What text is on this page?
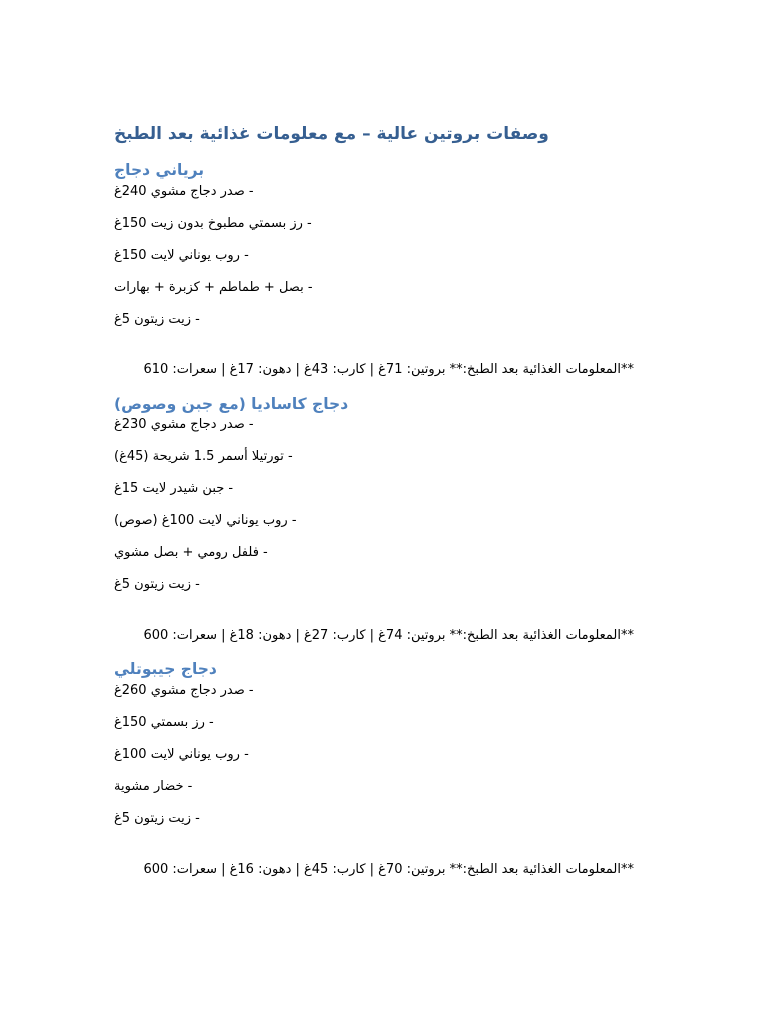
وصفات بروتين عالية – مع معلومات غذائية بعد الطبخ
برياني دجاج

- صدر دجاج مشوي 240غ

- رز بسمتي مطبوخ بدون زيت 150غ

- روب يوناني لايت 150غ

- بصل + طماطم + كزبرة + بهارات

- زيت زيتون 5غ

**المعلومات الغذائية بعد الطبخ:** بروتين: 71غ | كارب: 43غ | دهون: 17غ | سعرات: 610

دجاج كاساديا (مع جبن وصوص)

- صدر دجاج مشوي 230غ

- تورتيلا أسمر 1.5 شريحة (45غ)

- جبن شيدر لايت 15غ

- روب يوناني لايت 100غ (صوص)

- فلفل رومي + بصل مشوي

- زيت زيتون 5غ

**المعلومات الغذائية بعد الطبخ:** بروتين: 74غ | كارب: 27غ | دهون: 18غ | سعرات: 600

دجاج جيبوتلي

- صدر دجاج مشوي 260غ

- رز بسمتي 150غ

- روب يوناني لايت 100غ

- خضار مشوية

- زيت زيتون 5غ

**المعلومات الغذائية بعد الطبخ:** بروتين: 70غ | كارب: 45غ | دهون: 16غ | سعرات: 600
